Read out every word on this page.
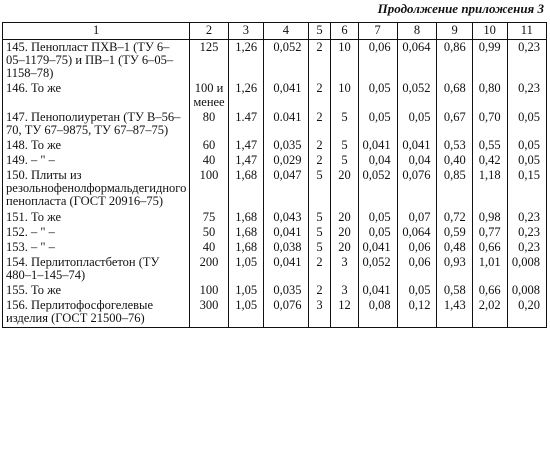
Продолжение приложения 3
1	2	3	4	5	6	7	8	9	10	11
145. Пенопласт ПХВ–1 (ТУ 6–05–1179–75) и ПВ–1 (ТУ 6–05–1158–78)	125	1,26	0,052	2	10	0,06	0,064	0,86	0,99	0,23
146. То же	100 и менее	1,26	0,041	2	10	0,05	0,052	0,68	0,80	0,23
147. Пенополиуретан (ТУ В–56–70, ТУ 67–9875, ТУ 67–87–75)	80	1.47	0.041	2	5	0,05	0,05	0,67	0,70	0,05
148. То же	60	1,47	0,035	2	5	0,041	0,041	0,53	0,55	0,05
149. – " –	40	1,47	0,029	2	5	0,04	0,04	0,40	0,42	0,05
150. Плиты из резольнофенолформальдегидного пенопласта (ГОСТ 20916–75)	100	1,68	0,047	5	20	0,052	0,076	0,85	1,18	0,15
151. То же	75	1,68	0,043	5	20	0,05	0,07	0,72	0,98	0,23
152. – " –	50	1,68	0,041	5	20	0,05	0,064	0,59	0,77	0,23
153. – " –	40	1,68	0,038	5	20	0,041	0,06	0,48	0,66	0,23
154. Перлитопластбетон (ТУ 480–1–145–74)	200	1,05	0,041	2	3	0,052	0,06	0,93	1,01	0,008
155. То же	100	1,05	0,035	2	3	0,041	0,05	0,58	0,66	0,008
156. Перлитофосфогелевые изделия (ГОСТ 21500–76)	300	1,05	0,076	3	12	0,08	0,12	1,43	2,02	0,20
